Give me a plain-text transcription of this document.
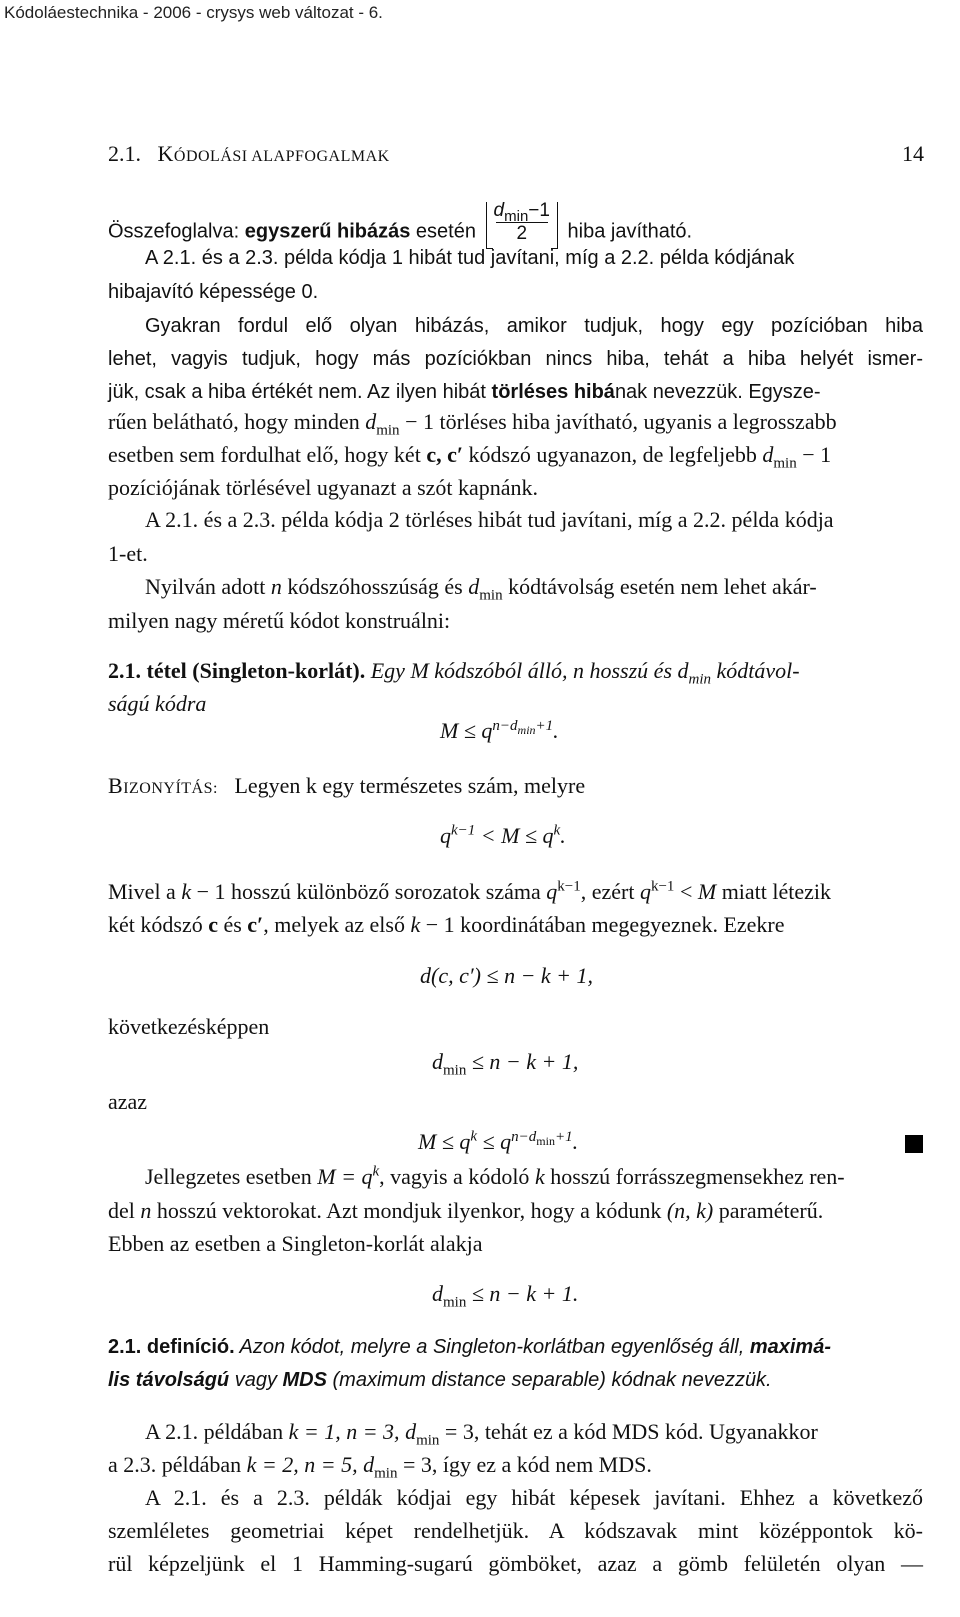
Kódoláestechnika - 2006 - crysys web változat - 6.
2.1. KÓDOLÁSI ALAPFOGALMAK	14
Összefoglalva: egyszerű hibázás esetén $\frac{d_{min}-1}{2}$ hiba javítható.
A 2.1. és a 2.3. példa kódja 1 hibát tud javítani, míg a 2.2. példa kódjának
hibajavító képessége 0.
Gyakran fordul elő olyan hibázás, amikor tudjuk, hogy egy pozícióban hiba
lehet, vagyis tudjuk, hogy más pozíciókban nincs hiba, tehát a hiba helyét ismer-
jük, csak a hiba értékét nem. Az ilyen hibát törléses hibának nevezzük. Egysze-
rűen belátható, hogy minden $d_{min} - 1$ törléses hiba javítható, ugyanis a legrosszabb
esetben sem fordulhat elő, hogy két c, c′ kódszó ugyanazon, de legfeljebb $d_{min} - 1$
pozíciójának törlésével ugyanazt a szót kapnánk.
A 2.1. és a 2.3. példa kódja 2 törléses hibát tud javítani, míg a 2.2. példa kódja
1-et.
Nyilván adott n kódszóhosszúság és $d_{min}$ kódtávolság esetén nem lehet akár-
milyen nagy méretű kódot konstruálni:
2.1. tétel (Singleton-korlát). Egy M kódszóból álló, n hosszú és $d_{min}$ kódtávol-
ságú kódra
$M \le q^{n-d_{min}+1}$.
BIZONYÍTÁS: Legyen k egy természetes szám, melyre
$q^{k-1} < M \le q^k$.
Mivel a k − 1 hosszú különböző sorozatok száma $q^{k-1}$, ezért $q^{k-1} < M$ miatt létezik
két kódszó c és c′, melyek az első k − 1 koordinátában megegyeznek. Ezekre
d(c, c′) ≤ n − k + 1,
következésképpen
$d_{min} \le n - k + 1$,
azaz
$M \le q^k \le q^{n-d_{min}+1}$.
Jellegzetes esetben $M = q^k$, vagyis a kódoló k hosszú forrásszegmensekhez ren-
del n hosszú vektorokat. Azt mondjuk ilyenkor, hogy a kódunk (n, k) paraméterű.
Ebben az esetben a Singleton-korlát alakja
$d_{min} \le n - k + 1$.
2.1. definíció. Azon kódot, melyre a Singleton-korlátban egyenlőség áll, maximá-
lis távolságú vagy MDS (maximum distance separable) kódnak nevezzük.
A 2.1. példában k = 1, n = 3, $d_{min} = 3$, tehát ez a kód MDS kód. Ugyanakkor
a 2.3. példában k = 2, n = 5, $d_{min} = 3$, így ez a kód nem MDS.
A 2.1. és a 2.3. példák kódjai egy hibát képesek javítani. Ehhez a következő
szemléletes geometriai képet rendelhetjük. A kódszavak mint középpontok kö-
rül képzeljünk el 1 Hamming-sugarú gömböket, azaz a gömb felületén olyan —
